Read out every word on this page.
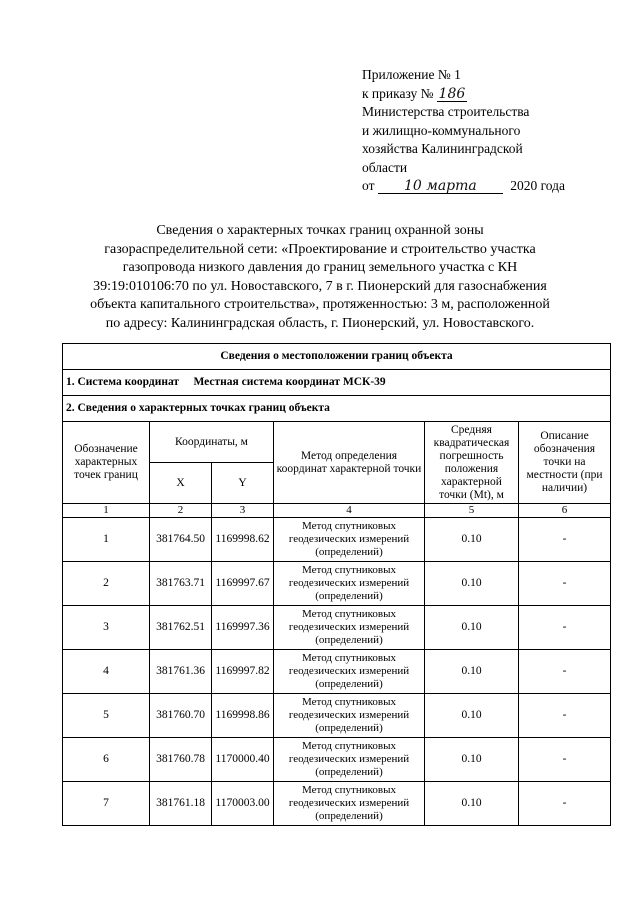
Приложение № 1
к приказу № 186
Министерства строительства
и жилищно-коммунального
хозяйства Калининградской
области
от 10 марта 2020 года
Сведения о характерных точках границ охранной зоны
газораспределительной сети: «Проектирование и строительство участка
газопровода низкого давления до границ земельного участка с КН
39:19:010106:70 по ул. Новоставского, 7 в г. Пионерский для газоснабжения
объекта капитального строительства», протяженностью: 3 м, расположенной
по адресу: Калининградская область, г. Пионерский, ул. Новоставского.
Сведения о местоположении границ объекта					
1. Система координат Местная система координат МСК-39					
2. Сведения о характерных точках границ объекта					
Обозначение характерных точек границ	Координаты, м		Метод определения координат характерной точки	Средняя квадратическая погрешность положения характерной точки (Mt), м	Описание обозначения точки на местности (при наличии)
	X	Y			
1	2	3	4	5	6
1	381764.50	1169998.62	Метод спутниковых геодезических измерений (определений)	0.10	-
2	381763.71	1169997.67	Метод спутниковых геодезических измерений (определений)	0.10	-
3	381762.51	1169997.36	Метод спутниковых геодезических измерений (определений)	0.10	-
4	381761.36	1169997.82	Метод спутниковых геодезических измерений (определений)	0.10	-
5	381760.70	1169998.86	Метод спутниковых геодезических измерений (определений)	0.10	-
6	381760.78	1170000.40	Метод спутниковых геодезических измерений (определений)	0.10	-
7	381761.18	1170003.00	Метод спутниковых геодезических измерений (определений)	0.10	-
